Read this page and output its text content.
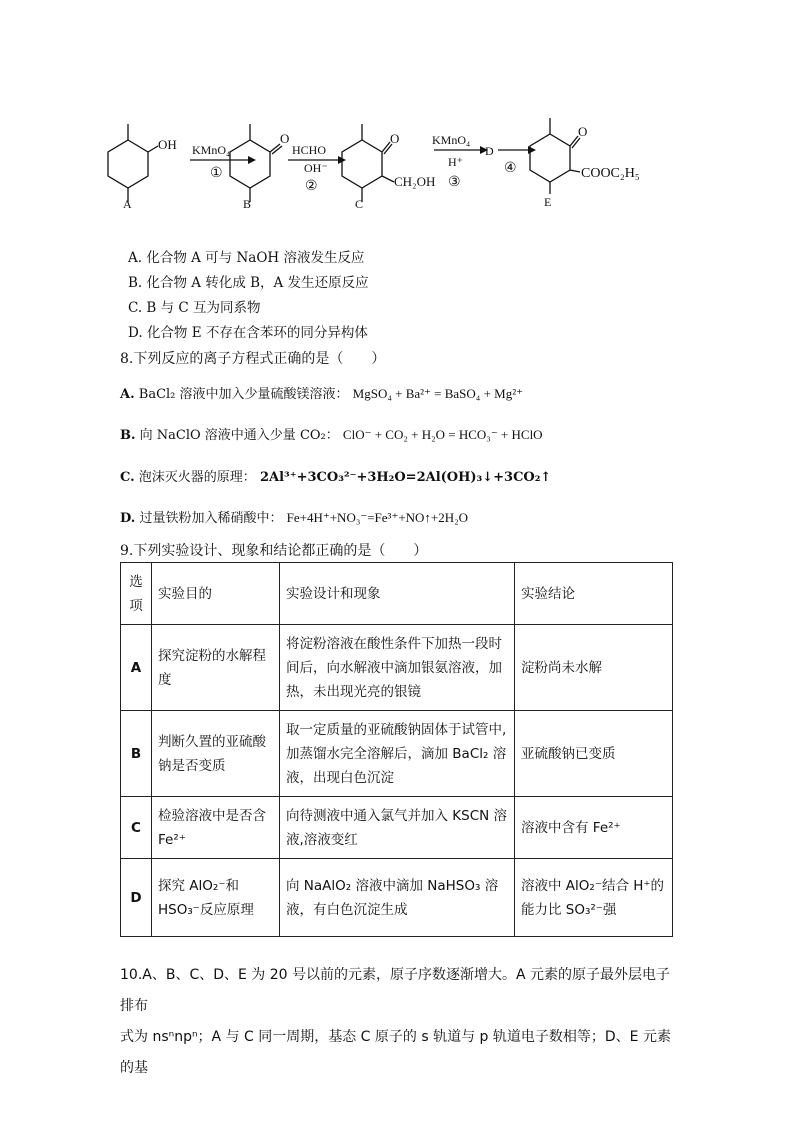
OH
A
KMnO₄
①
O
B
HCHO
OH⁻
②
O
CH₂OH
C
KMnO₄
H⁺
③
D
④
O
COOC₂H₅
E
A. 化合物 A 可与 NaOH 溶液发生反应
B. 化合物 A 转化成 B，A 发生还原反应
C. B 与 C 互为同系物
D. 化合物 E 不存在含苯环的同分异构体
8.下列反应的离子方程式正确的是（　　）
A. BaCl₂ 溶液中加入少量硫酸镁溶液： MgSO₄ + Ba²⁺ = BaSO₄ + Mg²⁺
B. 向 NaClO 溶液中通入少量 CO₂： ClO⁻ + CO₂ + H₂O = HCO₃⁻ + HClO
C. 泡沫灭火器的原理： 2Al³⁺+3CO₃²⁻+3H₂O=2Al(OH)₃↓+3CO₂↑
D. 过量铁粉加入稀硝酸中： Fe+4H⁺+NO₃⁻=Fe³⁺+NO↑+2H₂O
9.下列实验设计、现象和结论都正确的是（　　）
选项	实验目的	实验设计和现象	实验结论
A	探究淀粉的水解程度	将淀粉溶液在酸性条件下加热一段时间后，向水解液中滴加银氨溶液，加热，未出现光亮的银镜	淀粉尚未水解
B	判断久置的亚硫酸钠是否变质	取一定质量的亚硫酸钠固体于试管中,加蒸馏水完全溶解后，滴加 BaCl₂ 溶液，出现白色沉淀	亚硫酸钠已变质
C	检验溶液中是否含 Fe²⁺	向待测液中通入氯气并加入 KSCN 溶液,溶液变红	溶液中含有 Fe²⁺
D	探究 AlO₂⁻和 HSO₃⁻反应原理	向 NaAlO₂ 溶液中滴加 NaHSO₃ 溶液，有白色沉淀生成	溶液中 AlO₂⁻结合 H⁺的能力比 SO₃²⁻强
10.A、B、C、D、E 为 20 号以前的元素，原子序数逐渐增大。A 元素的原子最外层电子排布
式为 nsⁿnpⁿ；A 与 C 同一周期，基态 C 原子的 s 轨道与 p 轨道电子数相等；D、E 元素的基
